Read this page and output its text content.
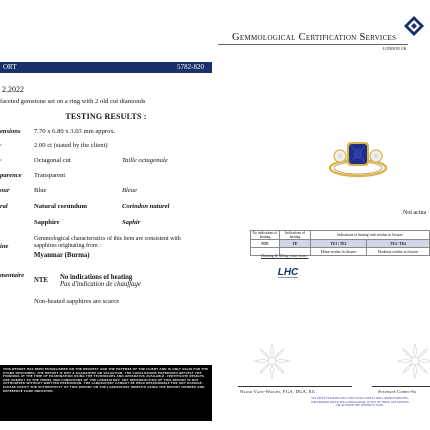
ORT	5782-820
2.2022
faceted gemstone set on a ring with 2 old cut diamonds
TESTING RESULTS :
ensions 7.70 x 6.80 x 3.03 mm approx.
·	2.00 ct (stated by the client)
·	Octagonal cut	Taille octagonale
parence Transparent
our	Blue	Bleue
ral	Natural corundum	Corindon naturel
Sapphire	Saphir
ine
Gemmological characteristics of this item are consistent with sapphires originating from :
Myanmar (Burma)
mentaire
NTE No indications of heating
Pas d'indication de chauffage
Non-heated sapphires are scarce
THIS REPORT HAS BEEN ESTABLISHED ON THE REQUEST AND THE EXPENSE OF THE CLIENT AND IS ONLY VALID FOR THE STONE DESCRIBED. THE REPORT IS NOT A GUARANTEE OR VALUATION. THE CONCLUSIONS EXPRESSED REFLECT THE FINDINGS AT THE TIME OF EXAMINATION USING THE TECHNIQUES AND APPARATUS AVAILABLE. CERTIFICATE RESULTS ARE SUBJECT TO THE TERMS AND CONDITIONS OF THE LABORATORY. ANY REPRODUCTION OF THIS REPORT IS NOT AUTHORISED WITHOUT WRITTEN PERMISSION. THE LABORATORY CANNOT BE HELD RESPONSIBLE FOR ANY DAMAGE. PLEASE VERIFY THE AUTHENTICITY OF THIS REPORT ON THE LABORATORY WEBSITE USING THE REPORT NUMBER AND REFERENCE CODE INDICATED.
Gemmological Certification Services
LONDON UK
Not actua
No indications of heating	Indications of heating	Indications of heating with residue in fissures	
NTE	TE	TE1 / TE2	TE3 / TE4
		Minor residue in fissures	Moderate residue in fissures
Heating & filling chart from :
LHC
Naomi Vane-Wright, FGA, DGA, EG	Stephane Cohen-So
SECURITY FEATURES INCLUDE ULTRA-VIOLET INKS, MICRO PRINTING, WATERMARK PAPER AND A HOLOGRAM. IF ANY OF THESE ARE MISSING OR ALTERED THE REPORT IS VOID.
